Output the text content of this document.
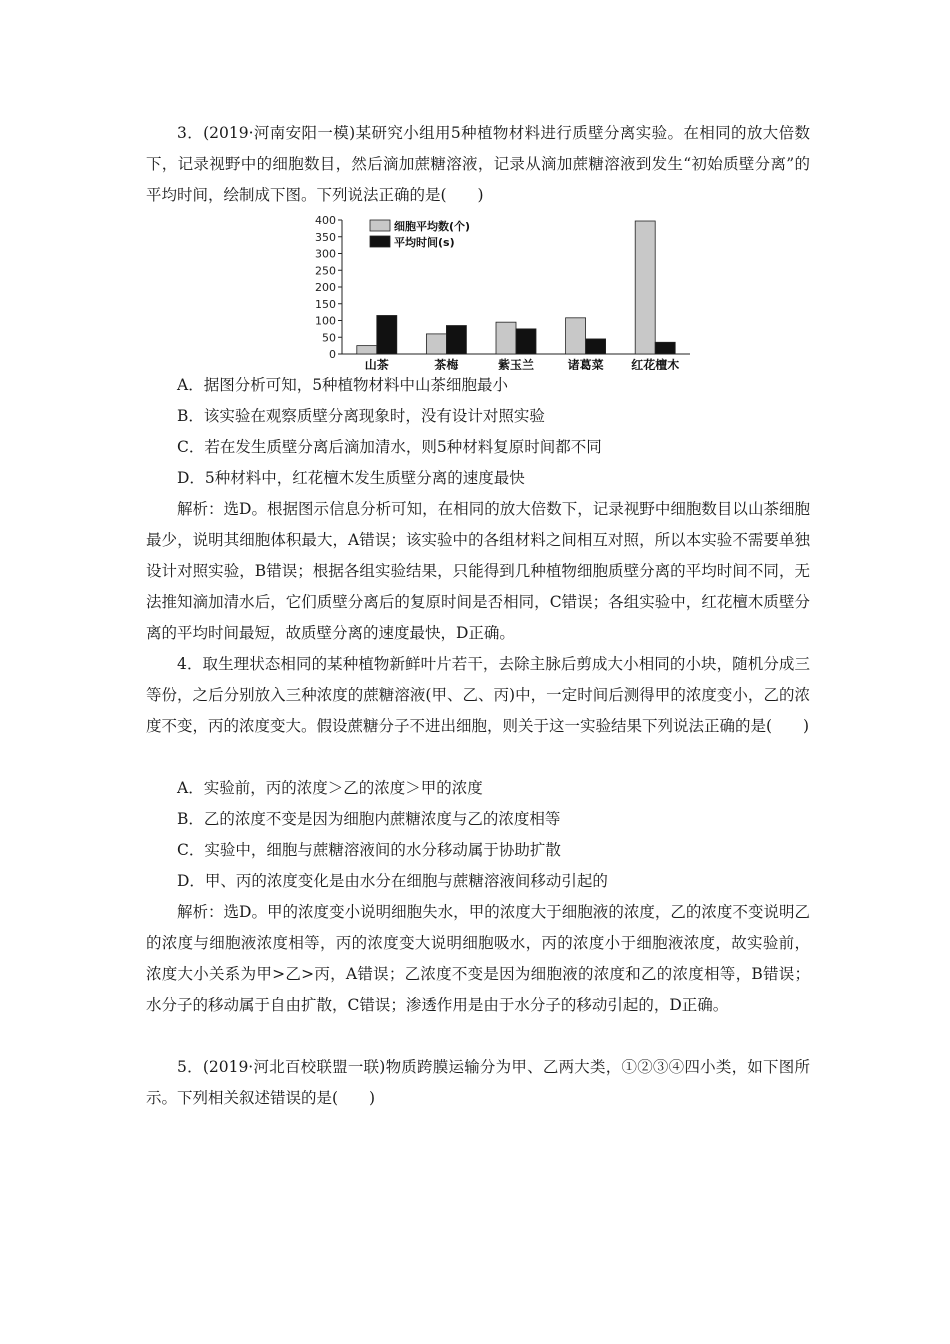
3．(2019·河南安阳一模)某研究小组用5种植物材料进行质壁分离实验。在相同的放大倍数下，记录视野中的细胞数目，然后滴加蔗糖溶液，记录从滴加蔗糖溶液到发生“初始质壁分离”的平均时间，绘制成下图。下列说法正确的是(　　)

0
50
100
150
200
250
300
350
400
山茶	茶梅	紫玉兰	诸葛菜 红花檀木
细胞平均数(个)
平均时间(s)

A．据图分析可知，5种植物材料中山茶细胞最小

B．该实验在观察质壁分离现象时，没有设计对照实验

C．若在发生质壁分离后滴加清水，则5种材料复原时间都不同

D．5种材料中，红花檀木发生质壁分离的速度最快

解析：选D。根据图示信息分析可知，在相同的放大倍数下，记录视野中细胞数目以山茶细胞最少，说明其细胞体积最大，A错误；该实验中的各组材料之间相互对照，所以本实验不需要单独设计对照实验，B错误；根据各组实验结果，只能得到几种植物细胞质壁分离的平均时间不同，无法推知滴加清水后，它们质壁分离后的复原时间是否相同，C错误；各组实验中，红花檀木质壁分离的平均时间最短，故质壁分离的速度最快，D正确。

4．取生理状态相同的某种植物新鲜叶片若干，去除主脉后剪成大小相同的小块，随机分成三等份，之后分别放入三种浓度的蔗糖溶液(甲、乙、丙)中，一定时间后测得甲的浓度变小，乙的浓度不变，丙的浓度变大。假设蔗糖分子不进出细胞，则关于这一实验结果下列说法正确的是(　　)

A．实验前，丙的浓度＞乙的浓度＞甲的浓度

B．乙的浓度不变是因为细胞内蔗糖浓度与乙的浓度相等

C．实验中，细胞与蔗糖溶液间的水分移动属于协助扩散

D．甲、丙的浓度变化是由水分在细胞与蔗糖溶液间移动引起的

解析：选D。甲的浓度变小说明细胞失水，甲的浓度大于细胞液的浓度，乙的浓度不变说明乙的浓度与细胞液浓度相等，丙的浓度变大说明细胞吸水，丙的浓度小于细胞液浓度，故实验前，浓度大小关系为甲>乙>丙，A错误；乙浓度不变是因为细胞液的浓度和乙的浓度相等，B错误；水分子的移动属于自由扩散，C错误；渗透作用是由于水分子的移动引起的，D正确。

5．(2019·河北百校联盟一联)物质跨膜运输分为甲、乙两大类，①②③④四小类，如下图所示。下列相关叙述错误的是(　　)
